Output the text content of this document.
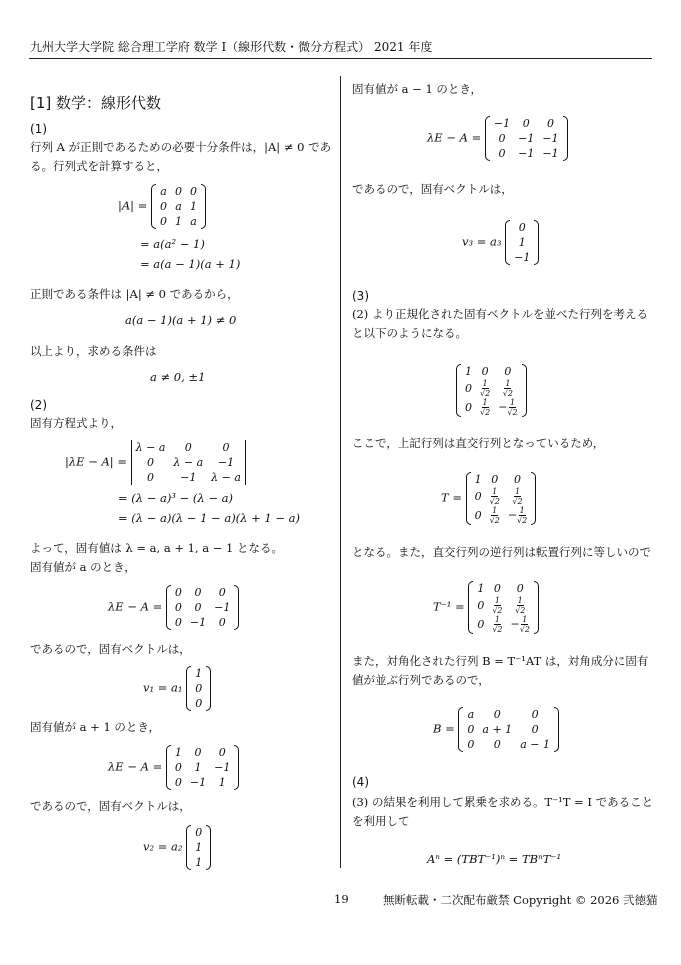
九州大学大学院 総合理工学府 数学 I（線形代数・微分方程式） 2021 年度
[1] 数学：線形代数
(1)
行列 A が正則であるための必要十分条件は，|A| ≠ 0 である。行列式を計算すると，
|A| =
a	0	0
0	a	1
0	1	a
= a(a² − 1)
= a(a − 1)(a + 1)
正則である条件は |A| ≠ 0 であるから，
a(a − 1)(a + 1) ≠ 0
以上より，求める条件は
a ≠ 0, ±1
(2)
固有方程式より，
|λE − A| = λ − a	0	0
0	λ − a	−1
0	−1	λ − a
= (λ − a)³ − (λ − a)
= (λ − a)(λ − 1 − a)(λ + 1 − a)
よって，固有値は λ = a, a + 1, a − 1 となる。
固有値が a のとき，
λE − A =
0	0	0
0	0	−1
0	−1	0
であるので，固有ベクトルは，
v₁ = a₁
1
0
0
固有値が a + 1 のとき，
λE − A =
1	0	0
0	1	−1
0	−1	1
であるので，固有ベクトルは，
v₂ = a₂
0
1
1
固有値が a − 1 のとき，
λE − A =
−1	0	0
0	−1	−1
0	−1	−1
であるので，固有ベクトルは，
v₃ = a₃
0
1
−1
(3)
(2) より正規化された固有ベクトルを並べた行列を考えると以下のようになる。
1	0	0
0	$\frac{1}{√2}$	$\frac{1}{√2}$

0	$\frac{1}{√2}$	− $\frac{1}{√2}$
ここで，上記行列は直交行列となっているため，
T =
1	0	0
0	$\frac{1}{√2}$	$\frac{1}{√2}$

0	$\frac{1}{√2}$	− $\frac{1}{√2}$
となる。また，直交行列の逆行列は転置行列に等しいので
T⁻¹ =
1	0	0
0	$\frac{1}{√2}$	$\frac{1}{√2}$

0	$\frac{1}{√2}$	− $\frac{1}{√2}$
また，対角化された行列 B = T⁻¹AT は，対角成分に固有値が並ぶ行列であるので，
B =
a	0	0
0	a + 1	0
0	0	a − 1
(4)
(3) の結果を利用して累乗を求める。T⁻¹T = I であることを利用して
Aⁿ = (TBT⁻¹)ⁿ = TBⁿT⁻¹
19	無断転載・二次配布厳禁 Copyright © 2026 弐徳猫
